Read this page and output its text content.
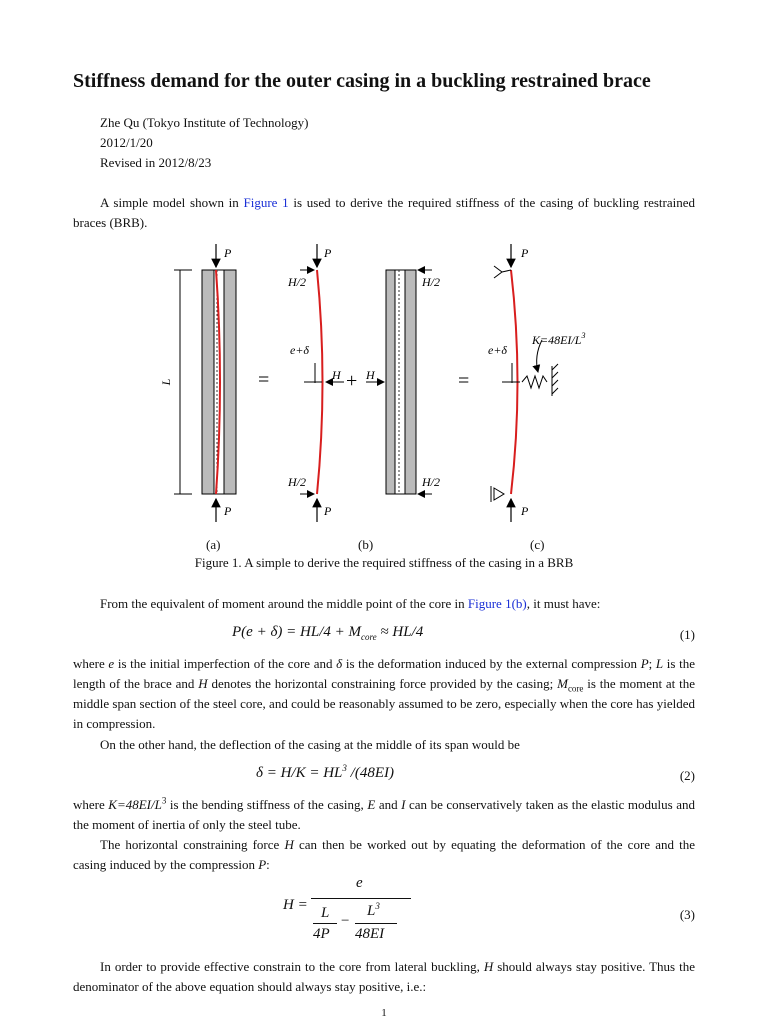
Stiffness demand for the outer casing in a buckling restrained brace
Zhe Qu (Tokyo Institute of Technology)
2012/1/20
Revised in 2012/8/23
A simple model shown in Figure 1 is used to derive the required stiffness of the casing of buckling restrained braces (BRB).
L
P
P
=
P
P
H/2
H/2
e+δ
H + H
H/2
H/2
=
P
P
e+δ
$K=48EI/L^3$
(a)	(b)	(c)
Figure 1. A simple to derive the required stiffness of the casing in a BRB
From the equivalent of moment around the middle point of the core in Figure 1(b), it must have:
$P(e + \delta) = HL/4 + M_{core} \approx HL/4$	(1)
where e is the initial imperfection of the core and δ is the deformation induced by the external compression P; L is the length of the brace and H denotes the horizontal constraining force provided by the casing; $M_{core}$ is the moment at the middle span section of the steel core, and could be reasonably assumed to be zero, especially when the core has yielded in compression.
On the other hand, the deflection of the casing at the middle of its span would be
$\delta = H/K = HL^3$ /(48EI)	(2)
where $K=48EI/L^3$ is the bending stiffness of the casing, E and I can be conservatively taken as the elastic modulus and the moment of inertia of only the steel tube.
The horizontal constraining force H can then be worked out by equating the deformation of the core and the casing induced by the compression P:
H =
e
L −
$L^3$
4P 48EI
(3)
In order to provide effective constrain to the core from lateral buckling, H should always stay positive. Thus the denominator of the above equation should always stay positive, i.e.:
1
